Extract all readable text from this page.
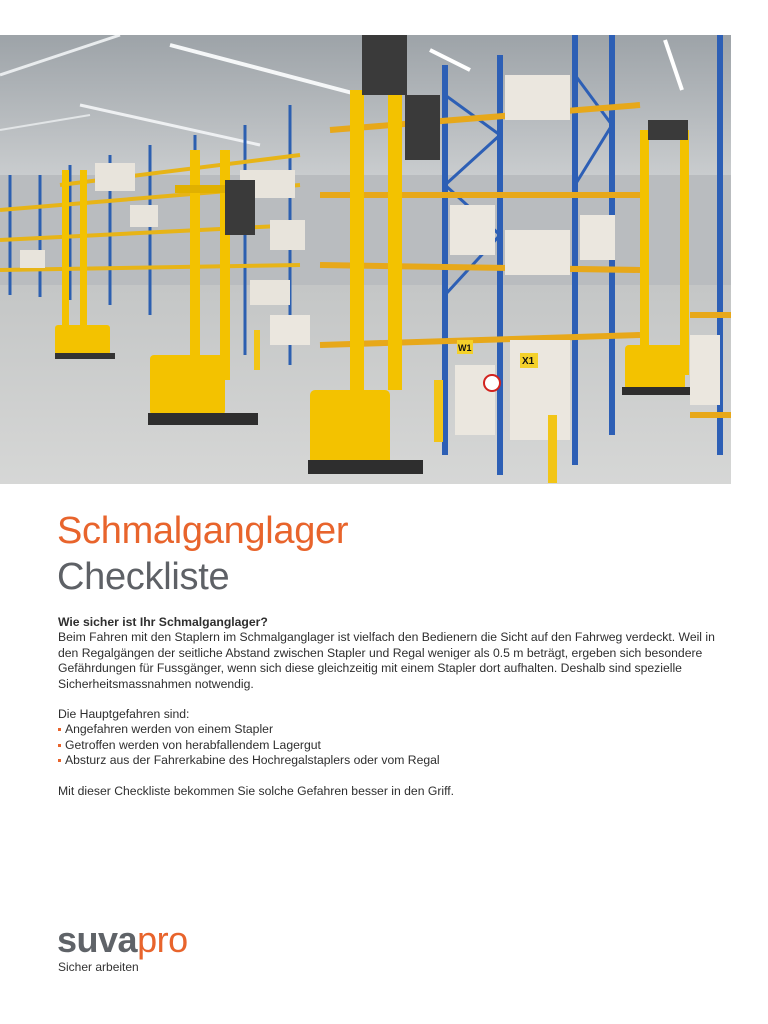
W1
X1
Schmalganglager
Checkliste

Wie sicher ist Ihr Schmalganglager?

Beim Fahren mit den Staplern im Schmalganglager ist vielfach den Bedienern die Sicht auf den Fahrweg verdeckt. Weil in den Regalgängen der seitliche Abstand zwischen Stapler und Regal weniger als 0.5 m beträgt, ergeben sich besondere Gefährdungen für Fussgänger, wenn sich diese gleichzeitig mit einem Stapler dort aufhalten. Deshalb sind spezielle Sicherheitsmassnahmen notwendig.

Die Hauptgefahren sind:

Angefahren werden von einem Stapler
Getroffen werden von herabfallendem Lagergut
Absturz aus der Fahrerkabine des Hochregalstaplers oder vom Regal

Mit dieser Checkliste bekommen Sie solche Gefahren besser in den Griff.

suvapro
Sicher arbeiten
